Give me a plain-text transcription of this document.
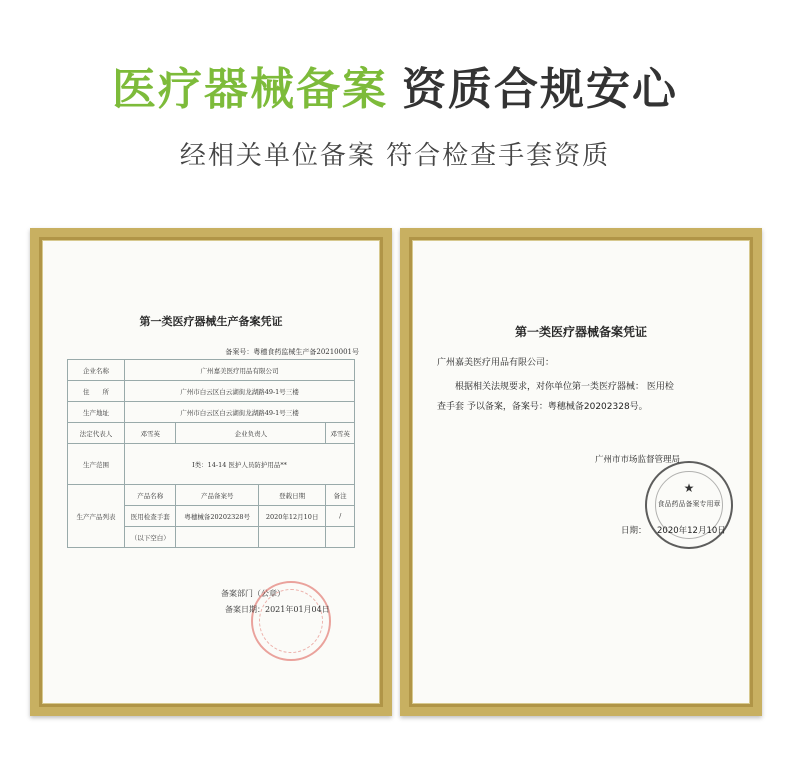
医疗器械备案 资质合规安心
经相关单位备案 符合检查手套资质
第一类医疗器械生产备案凭证
备案号：粤穗食药监械生产备20210001号
企业名称	广州嘉美医疗用品有限公司			
住　　所	广州市白云区白云湖街龙湖路49-1号三楼			
生产地址	广州市白云区白云湖街龙湖路49-1号三楼			
法定代表人	邓雪英	企业负责人		邓雪英
生产范围	I类：14-14 医护人员防护用品**			
生产产品列表	产品名称	产品备案号	登载日期	备注
	医用检查手套	粤穗械备20202328号	2020年12月10日	/
	（以下空白）			
备案部门（公章）
备案日期：2021年01月04日
第一类医疗器械备案凭证
广州嘉美医疗用品有限公司：
根据相关法规要求，对你单位第一类医疗器械： 医用检
查手套 予以备案，备案号：粤穗械备20202328号。
广州市市场监督管理局
★
食品药品备案专用章
日期： 2020年12月10日
